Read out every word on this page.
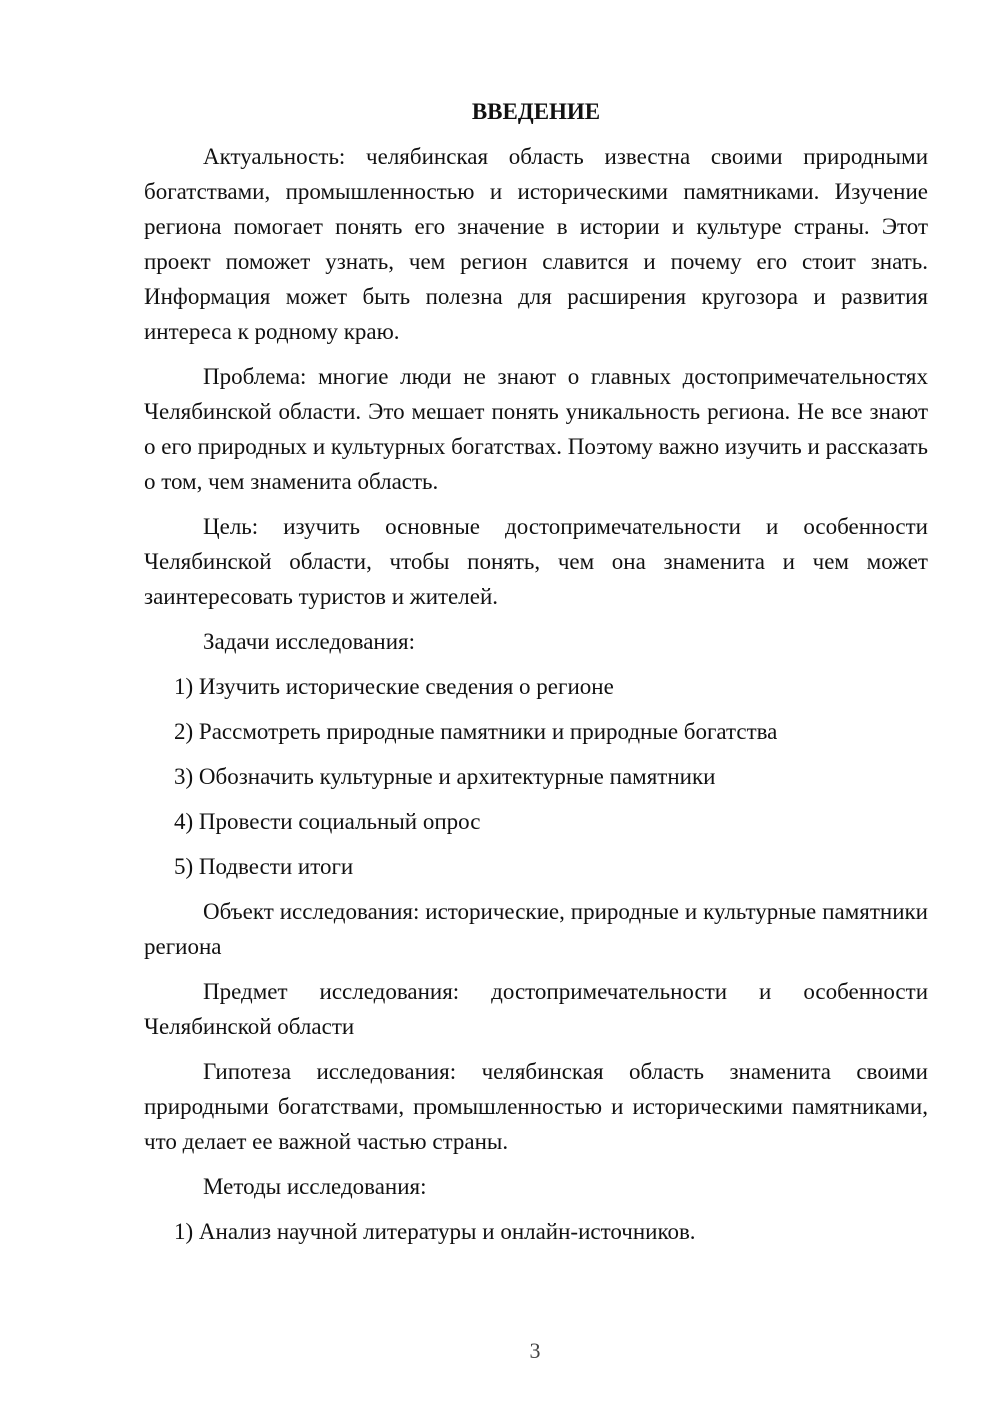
ВВЕДЕНИЕ

Актуальность: челябинская область известна своими природными богатствами, промышленностью и историческими памятниками. Изучение региона помогает понять его значение в истории и культуре страны. Этот проект поможет узнать, чем регион славится и почему его стоит знать. Информация может быть полезна для расширения кругозора и развития интереса к родному краю.

Проблема: многие люди не знают о главных достопримечательностях Челябинской области. Это мешает понять уникальность региона. Не все знают о его природных и культурных богатствах. Поэтому важно изучить и рассказать о том, чем знаменита область.

Цель: изучить основные достопримечательности и особенности Челябинской области, чтобы понять, чем она знаменита и чем может заинтересовать туристов и жителей.

Задачи исследования:

1) Изучить исторические сведения о регионе
2) Рассмотреть природные памятники и природные богатства
3) Обозначить культурные и архитектурные памятники
4) Провести социальный опрос
5) Подвести итоги

Объект исследования: исторические, природные и культурные памятники региона

Предмет исследования: достопримечательности и особенности Челябинской области

Гипотеза исследования: челябинская область знаменита своими природными богатствами, промышленностью и историческими памятниками, что делает ее важной частью страны.

Методы исследования:

1) Анализ научной литературы и онлайн-источников.
3
